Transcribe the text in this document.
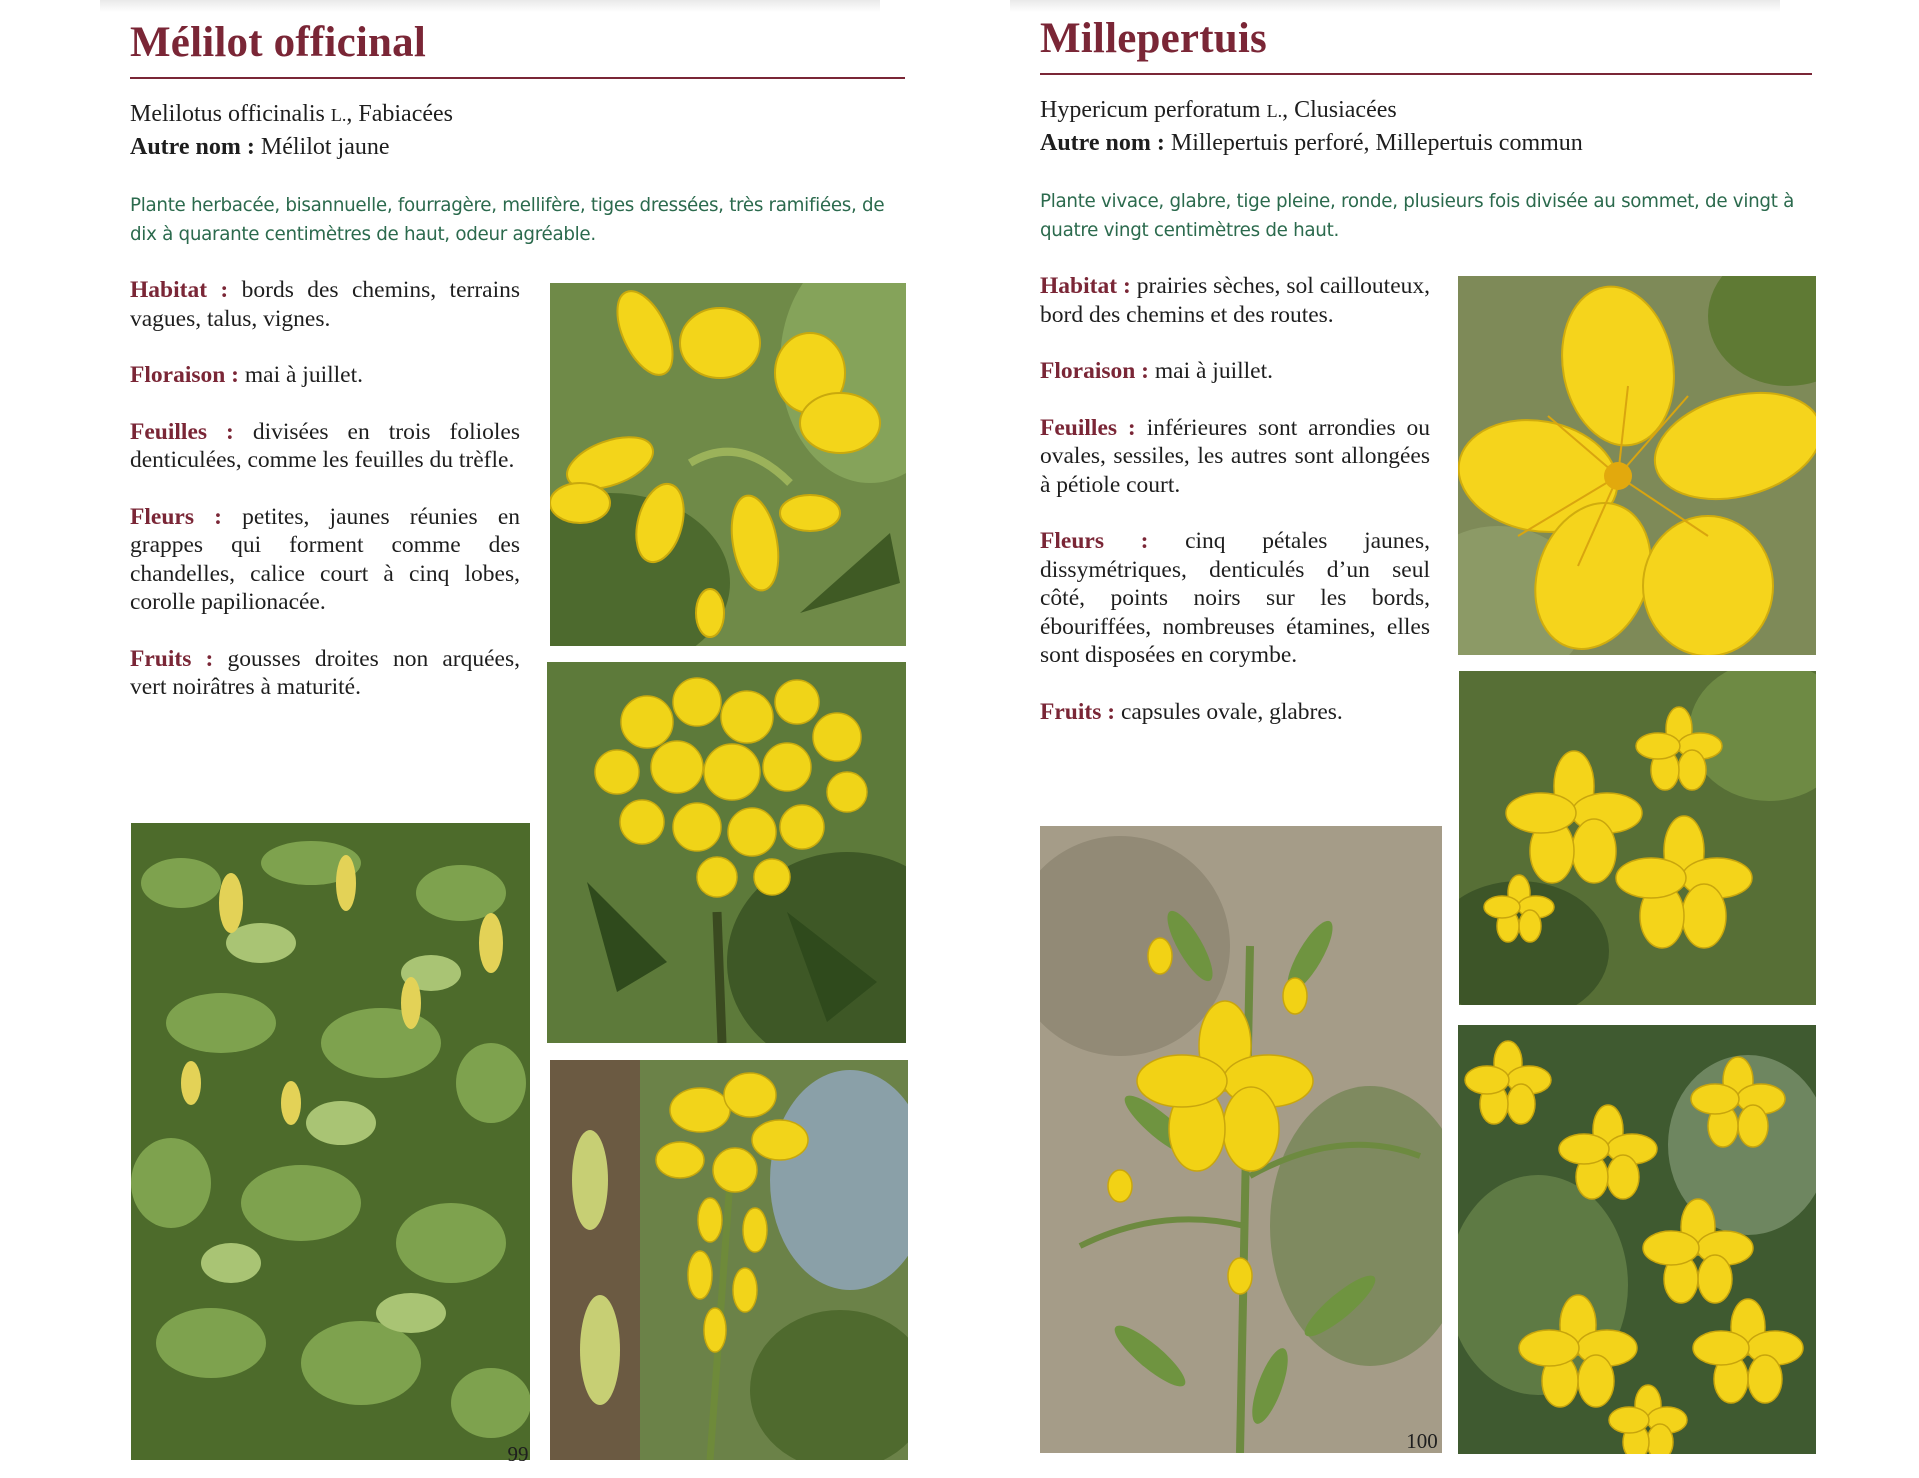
Mélilot officinal

Melilotus officinalis L., Fabiacées

Autre nom : Mélilot jaune

Plante herbacée, bisannuelle, fourragère, mellifère, tiges dressées, très ramifiées, de dix à quarante centimètres de haut, odeur agréable.

Habitat : bords des chemins, terrains vagues, talus, vignes.

Floraison : mai à juillet.

Feuilles : divisées en trois folioles denticulées, comme les feuilles du trèfle.

Fleurs : petites, jaunes réunies en grappes qui forment comme des chandelles, calice court à cinq lobes, corolle papilionacée.

Fruits : gousses droites non arquées, vert noirâtres à maturité.

99
Millepertuis

Hypericum perforatum L., Clusiacées

Autre nom : Millepertuis perforé, Millepertuis commun

Plante vivace, glabre, tige pleine, ronde, plusieurs fois divisée au sommet, de vingt à quatre vingt centimètres de haut.

Habitat : prairies sèches, sol caillouteux, bord des chemins et des routes.

Floraison : mai à juillet.

Feuilles : inférieures sont arrondies ou ovales, sessiles, les autres sont allongées à pétiole court.

Fleurs : cinq pétales jaunes, dissymétriques, denticulés d’un seul côté, points noirs sur les bords, ébouriffées, nombreuses étamines, elles sont disposées en corymbe.

Fruits : capsules ovale, glabres.

100
